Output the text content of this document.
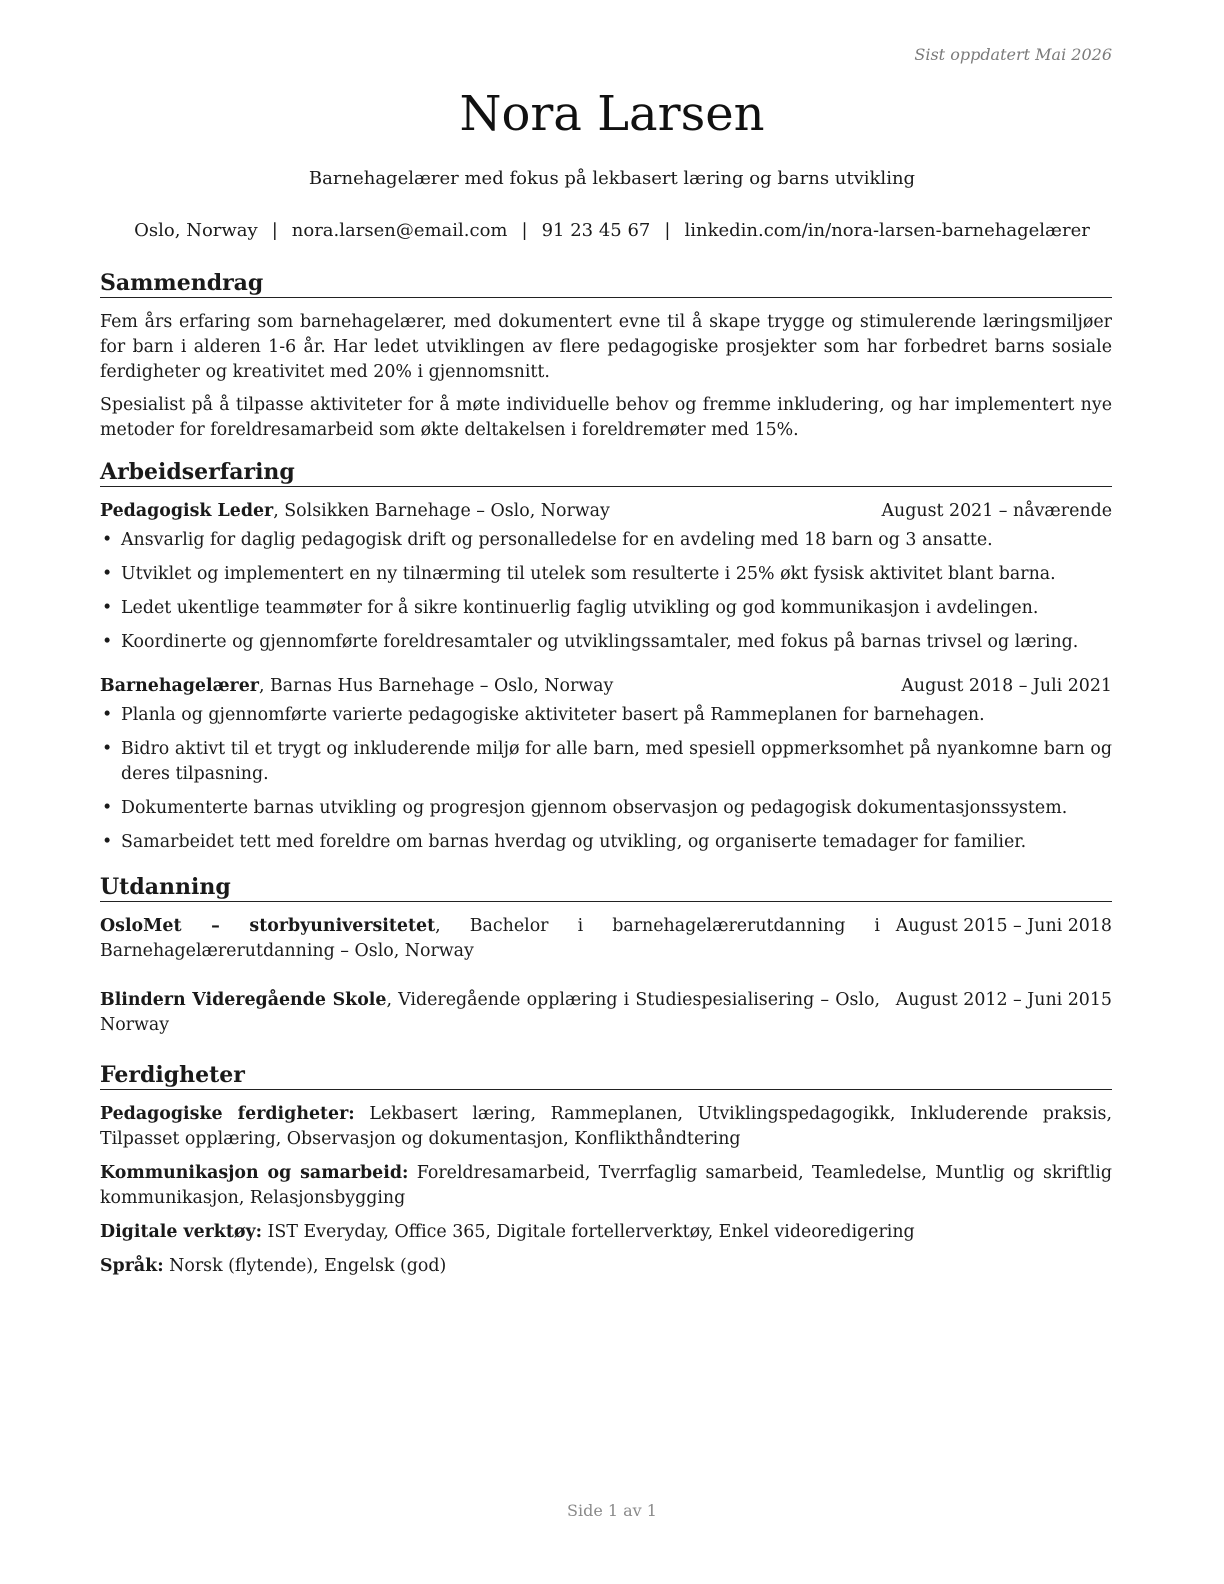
Sist oppdatert Mai 2026
Nora Larsen
Barnehagelærer med fokus på lekbasert læring og barns utvikling
Oslo, Norway | nora.larsen@email.com | 91 23 45 67 | linkedin.com/in/nora-larsen-barnehagelærer
Sammendrag

Fem års erfaring som barnehagelærer, med dokumentert evne til å skape trygge og stimulerende læringsmiljøer for barn i alderen 1-6 år. Har ledet utviklingen av flere pedagogiske prosjekter som har forbedret barns sosiale ferdigheter og kreativitet med 20% i gjennomsnitt.

Spesialist på å tilpasse aktiviteter for å møte individuelle behov og fremme inkludering, og har implementert nye metoder for foreldresamarbeid som økte deltakelsen i foreldremøter med 15%.

Arbeidserfaring
Pedagogisk Leder, Solsikken Barnehage – Oslo, Norway	August 2021 – nåværende
• Ansvarlig for daglig pedagogisk drift og personalledelse for en avdeling med 18 barn og 3 ansatte.
• Utviklet og implementert en ny tilnærming til utelek som resulterte i 25% økt fysisk aktivitet blant barna.
• Ledet ukentlige teammøter for å sikre kontinuerlig faglig utvikling og god kommunikasjon i avdelingen.
• Koordinerte og gjennomførte foreldresamtaler og utviklingssamtaler, med fokus på barnas trivsel og læring.
Barnehagelærer, Barnas Hus Barnehage – Oslo, Norway	August 2018 – Juli 2021
• Planla og gjennomførte varierte pedagogiske aktiviteter basert på Rammeplanen for barnehagen.
• Bidro aktivt til et trygt og inkluderende miljø for alle barn, med spesiell oppmerksomhet på nyankomne barn og deres tilpasning.
• Dokumenterte barnas utvikling og progresjon gjennom observasjon og pedagogisk dokumentasjonssystem.
• Samarbeidet tett med foreldre om barnas hverdag og utvikling, og organiserte temadager for familier.
Utdanning
OsloMet – storbyuniversitetet, Bachelor i barnehagelærerutdanning i Barnehagelærerutdanning – Oslo, Norway
August 2015 – Juni 2018
Blindern Videregående Skole, Videregående opplæring i Studiespesialisering – Oslo, Norway
August 2012 – Juni 2015
Ferdigheter

Pedagogiske ferdigheter: Lekbasert læring, Rammeplanen, Utviklingspedagogikk, Inkluderende praksis, Tilpasset opplæring, Observasjon og dokumentasjon, Konflikthåndtering

Kommunikasjon og samarbeid: Foreldresamarbeid, Tverrfaglig samarbeid, Teamledelse, Muntlig og skriftlig kommunikasjon, Relasjonsbygging

Digitale verktøy: IST Everyday, Office 365, Digitale fortellerverktøy, Enkel videoredigering

Språk: Norsk (flytende), Engelsk (god)

Side 1 av 1
